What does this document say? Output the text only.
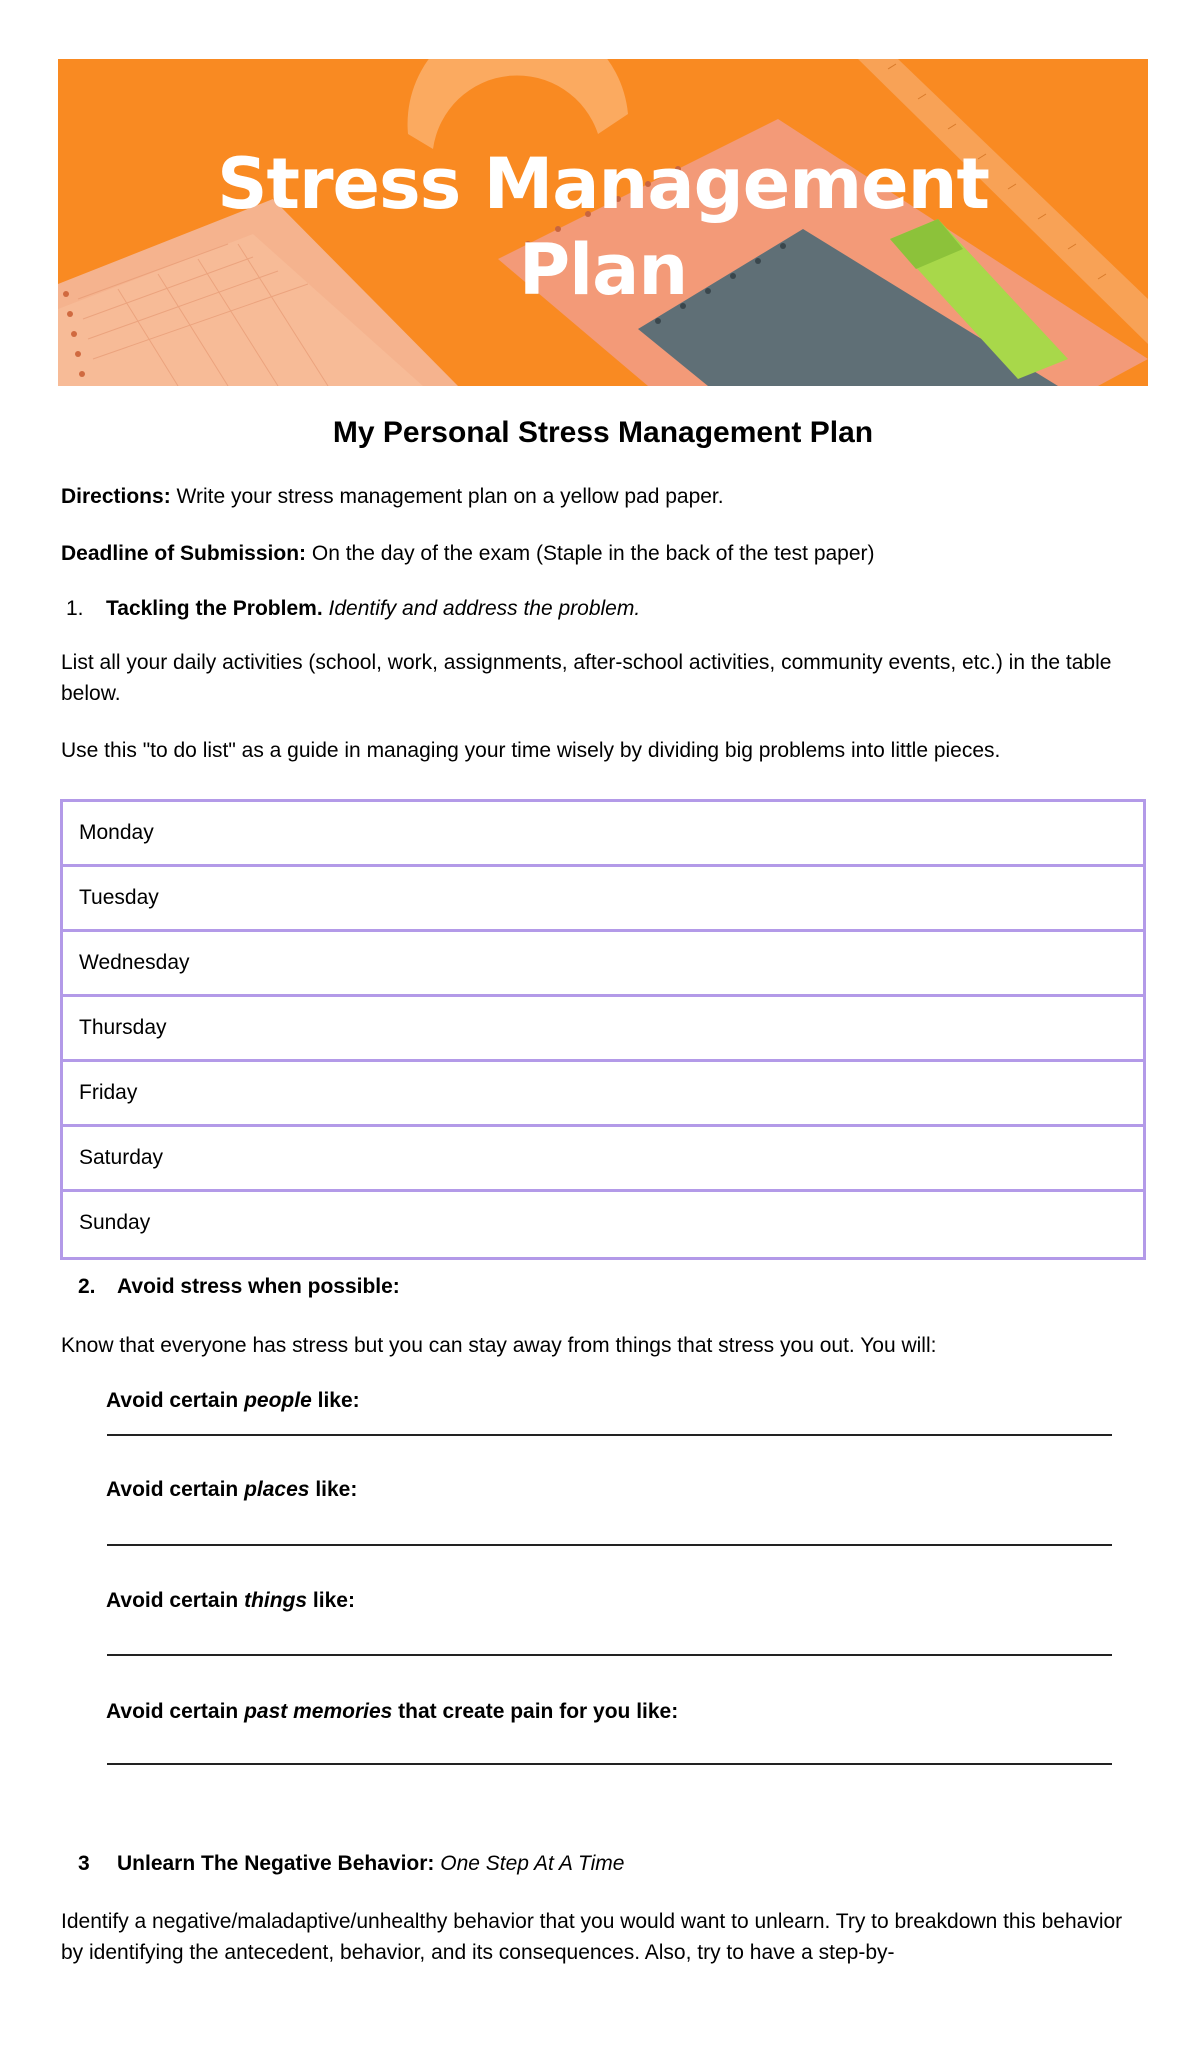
Stress Management
Plan
My Personal Stress Management Plan
Directions: Write your stress management plan on a yellow pad paper.
Deadline of Submission: On the day of the exam (Staple in the back of the test paper)
1. Tackling the Problem. Identify and address the problem.
List all your daily activities (school, work, assignments, after-school activities, community events, etc.) in the table below.
Use this "to do list" as a guide in managing your time wisely by dividing big problems into little pieces.
Monday
Tuesday
Wednesday
Thursday
Friday
Saturday
Sunday
2. Avoid stress when possible:
Know that everyone has stress but you can stay away from things that stress you out. You will:
Avoid certain people like:
Avoid certain places like:
Avoid certain things like:
Avoid certain past memories that create pain for you like:
3 Unlearn The Negative Behavior: One Step At A Time
Identify a negative/maladaptive/unhealthy behavior that you would want to unlearn. Try to breakdown this behavior by identifying the antecedent, behavior, and its consequences. Also, try to have a step-by-
